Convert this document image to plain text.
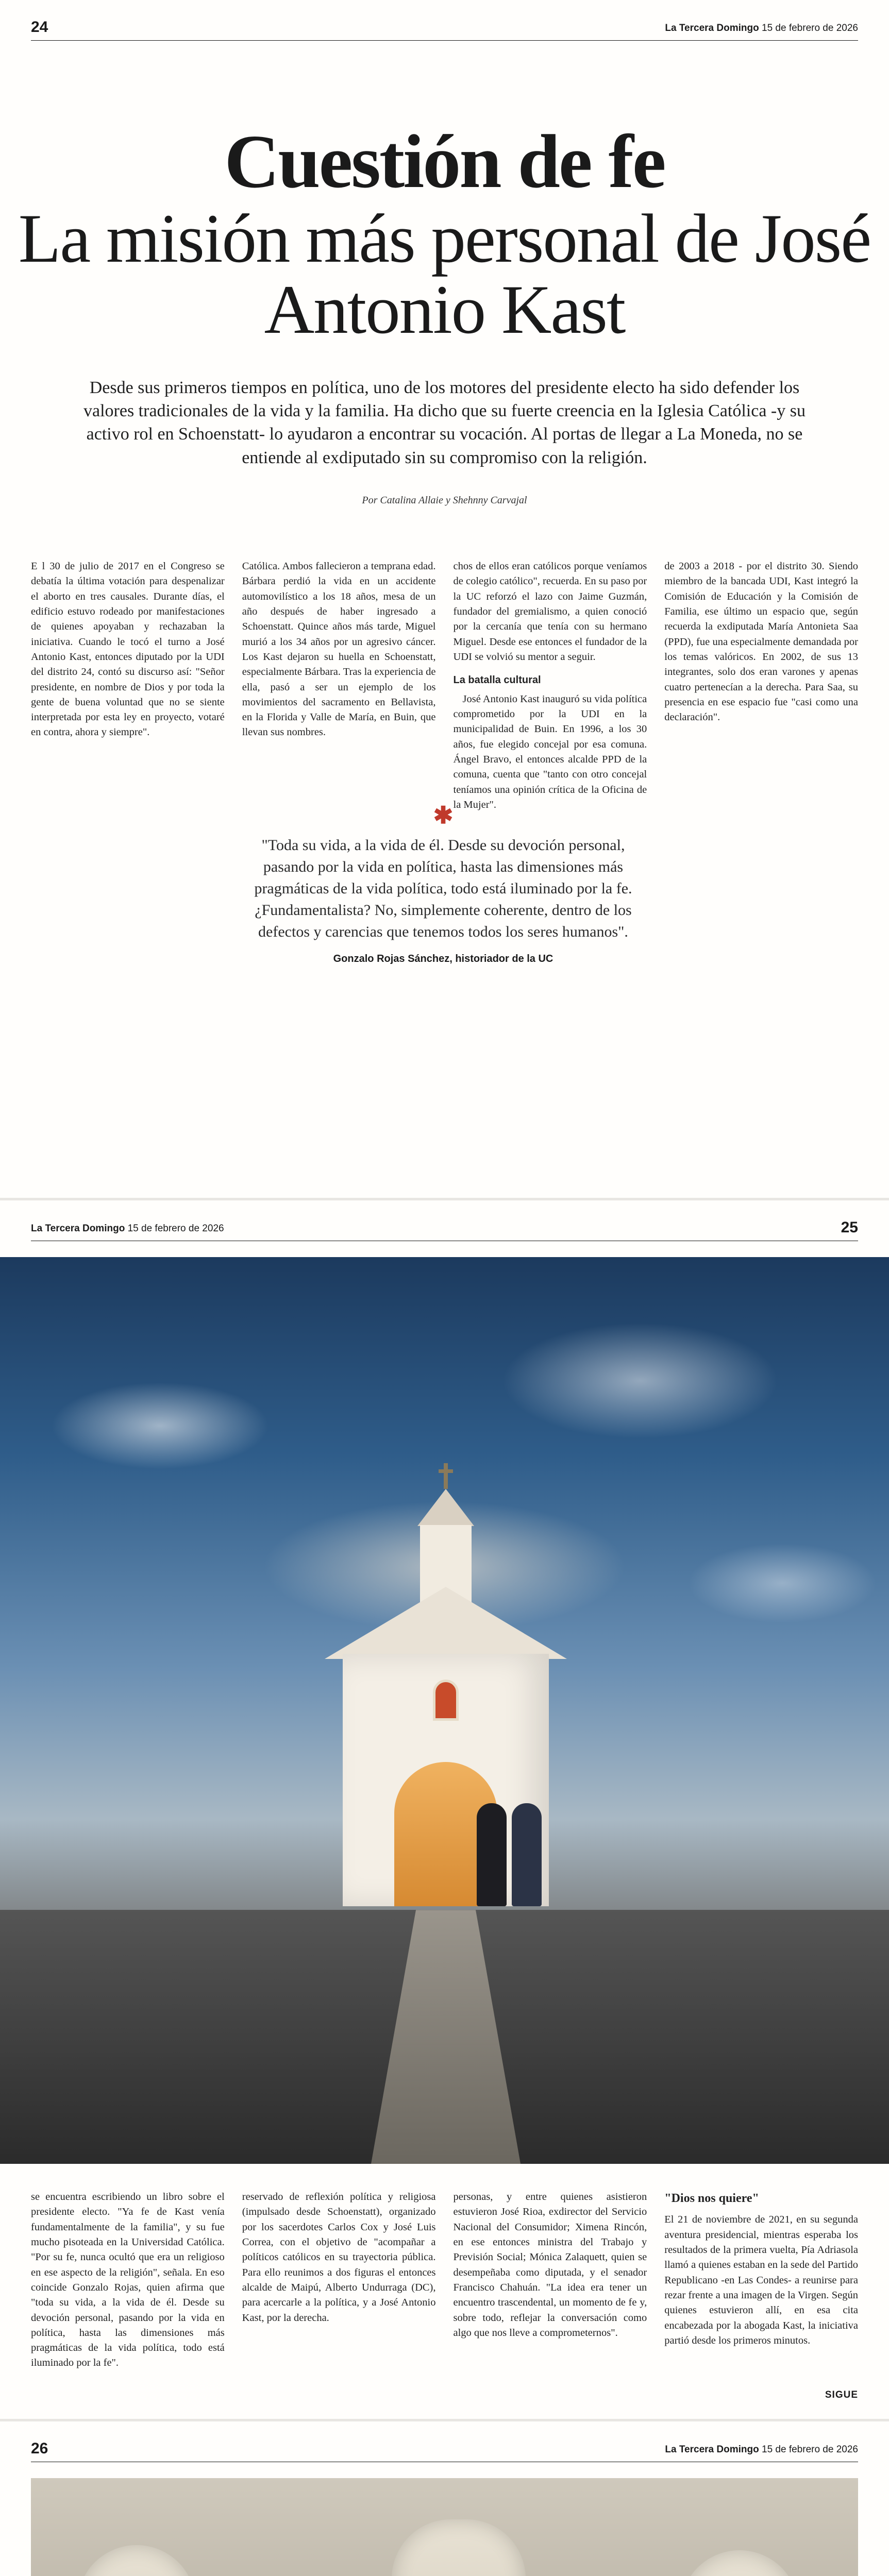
24	La Tercera Domingo 15 de febrero de 2026
Cuestión de fe
La misión más personal de José Antonio Kast

Desde sus primeros tiempos en política, uno de los motores del presidente electo ha sido defender los valores tradicionales de la vida y la familia. Ha dicho que su fuerte creencia en la Iglesia Católica -y su activo rol en Schoenstatt- lo ayudaron a encontrar su vocación. Al portas de llegar a La Moneda, no se entiende al exdiputado sin su compromiso con la religión.

Por Catalina Allaie y Shehnny Carvajal

E l 30 de julio de 2017 en el Congreso se debatía la última votación para despenalizar el aborto en tres causales. Durante días, el edificio estuvo rodeado por manifestaciones de quienes apoyaban y rechazaban la iniciativa. Cuando le tocó el turno a José Antonio Kast, entonces diputado por la UDI del distrito 24, contó su discurso así: "Señor presidente, en nombre de Dios y por toda la gente de buena voluntad que no se siente interpretada por esta ley en proyecto, votaré en contra, ahora y siempre".

Católica. Ambos fallecieron a temprana edad. Bárbara perdió la vida en un accidente automovilístico a los 18 años, mesa de un año después de haber ingresado a Schoenstatt. Quince años más tarde, Miguel murió a los 34 años por un agresivo cáncer. Los Kast dejaron su huella en Schoenstatt, especialmente Bárbara. Tras la experiencia de ella, pasó a ser un ejemplo de los movimientos del sacramento en Bellavista, en la Florida y Valle de María, en Buin, que llevan sus nombres.

chos de ellos eran católicos porque veníamos de colegio católico", recuerda. En su paso por la UC reforzó el lazo con Jaime Guzmán, fundador del gremialismo, a quien conoció por la cercanía que tenía con su hermano Miguel. Desde ese entonces el fundador de la UDI se volvió su mentor a seguir.

La batalla cultural

José Antonio Kast inauguró su vida política comprometido por la UDI en la municipalidad de Buin. En 1996, a los 30 años, fue elegido concejal por esa comuna. Ángel Bravo, el entonces alcalde PPD de la comuna, cuenta que "tanto con otro concejal teníamos una opinión crítica de la Oficina de la Mujer".

de 2003 a 2018 - por el distrito 30. Siendo miembro de la bancada UDI, Kast integró la Comisión de Educación y la Comisión de Familia, ese último un espacio que, según recuerda la exdiputada María Antonieta Saa (PPD), fue una especialmente demandada por los temas valóricos. En 2002, de sus 13 integrantes, solo dos eran varones y apenas cuatro pertenecían a la derecha. Para Saa, su presencia en ese espacio fue "casi como una declaración".

✱

"Toda su vida, a la vida de él. Desde su devoción personal, pasando por la vida en política, hasta las dimensiones más pragmáticas de la vida política, todo está iluminado por la fe. ¿Fundamentalista? No, simplemente coherente, dentro de los defectos y carencias que tenemos todos los seres humanos".

Gonzalo Rojas Sánchez, historiador de la UC

La Tercera Domingo 15 de febrero de 2026	25

se encuentra escribiendo un libro sobre el presidente electo. "Ya fe de Kast venía fundamentalmente de la familia", y su fue mucho pisoteada en la Universidad Católica. "Por su fe, nunca ocultó que era un religioso en ese aspecto de la religión", señala. En eso coincide Gonzalo Rojas, quien afirma que "toda su vida, a la vida de él. Desde su devoción personal, pasando por la vida en política, hasta las dimensiones más pragmáticas de la vida política, todo está iluminado por la fe".

reservado de reflexión política y religiosa (impulsado desde Schoenstatt), organizado por los sacerdotes Carlos Cox y José Luis Correa, con el objetivo de "acompañar a políticos católicos en su trayectoria pública. Para ello reunimos a dos figuras el entonces alcalde de Maipú, Alberto Undurraga (DC), para acercarle a la política, y a José Antonio Kast, por la derecha.

personas, y entre quienes asistieron estuvieron José Rioa, exdirector del Servicio Nacional del Consumidor; Ximena Rincón, en ese entonces ministra del Trabajo y Previsión Social; Mónica Zalaquett, quien se desempeñaba como diputada, y el senador Francisco Chahuán. "La idea era tener un encuentro trascendental, un momento de fe y, sobre todo, reflejar la conversación como algo que nos lleve a comprometernos".

"Dios nos quiere"

El 21 de noviembre de 2021, en su segunda aventura presidencial, mientras esperaba los resultados de la primera vuelta, Pía Adriasola llamó a quienes estaban en la sede del Partido Republicano -en Las Condes- a reunirse para rezar frente a una imagen de la Virgen. Según quienes estuvieron allí, en esa cita encabezada por la abogada Kast, la iniciativa partió desde los primeros minutos.

SIGUE
26	La Tercera Domingo 15 de febrero de 2026
